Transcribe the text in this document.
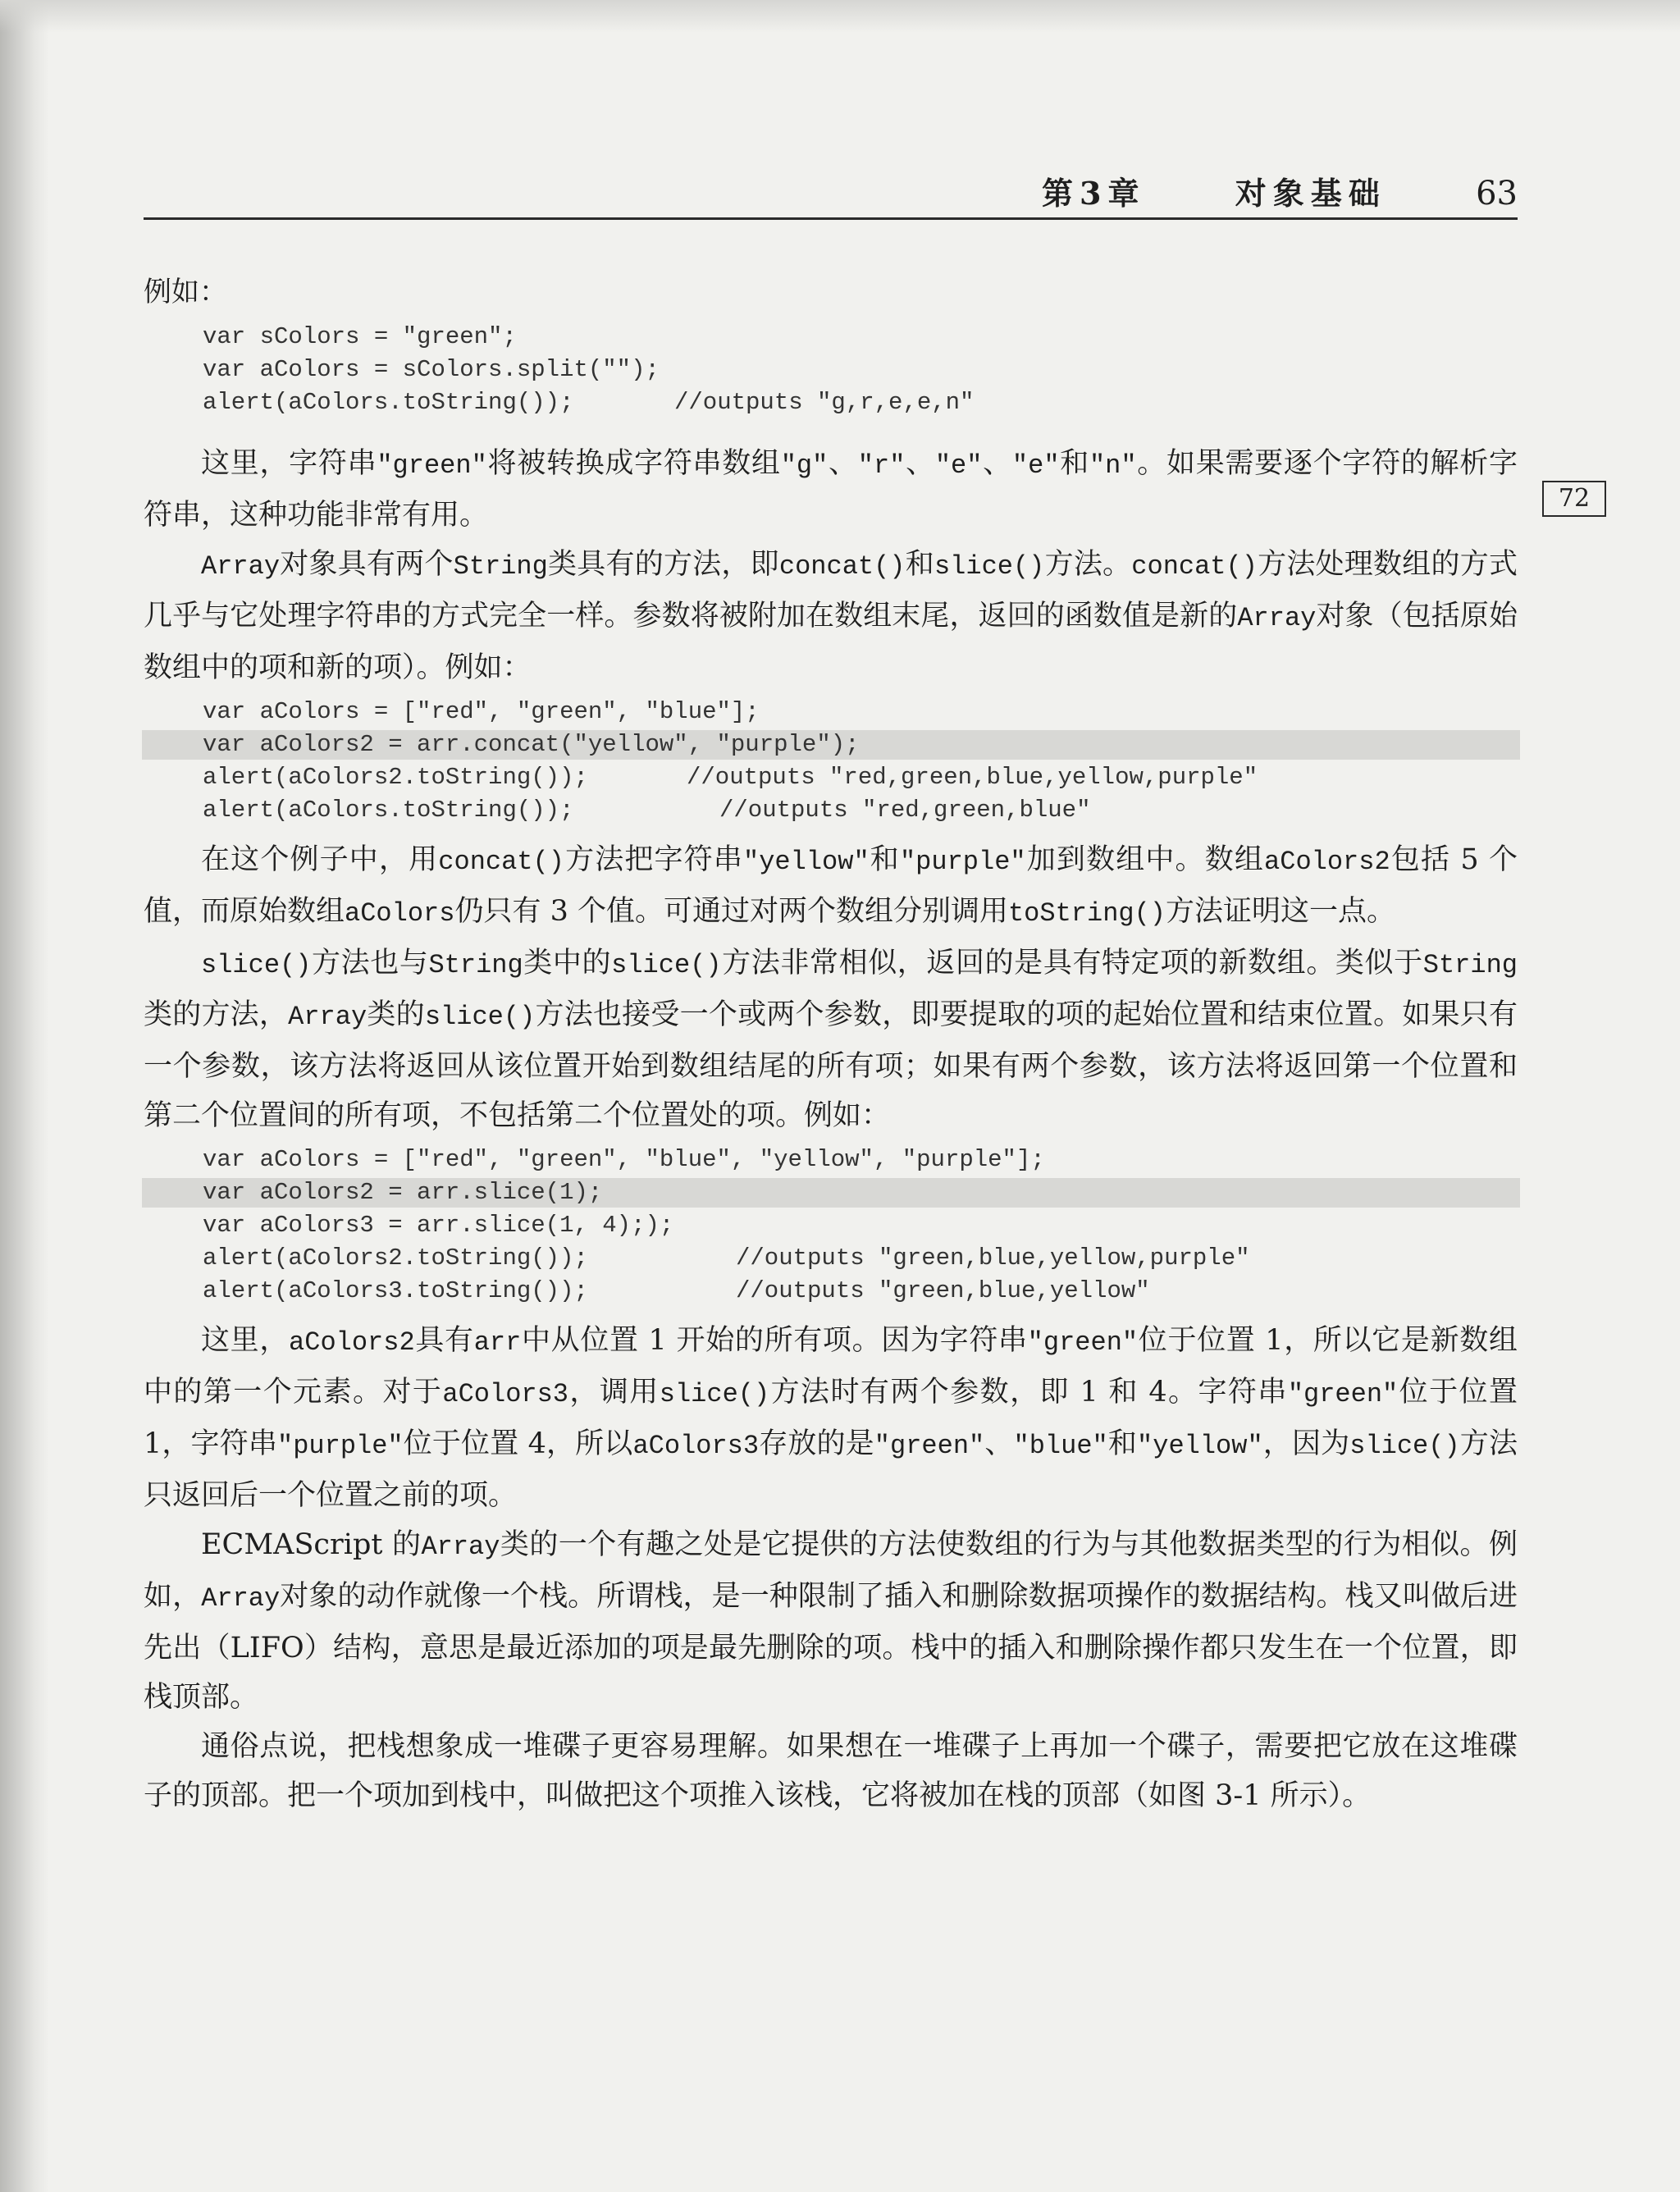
第3章	对象基础	63
72

例如：

var sColors = "green";
var aColors = sColors.split("");
alert(aColors.toString());	//outputs "g,r,e,e,n"

这里，字符串"green"将被转换成字符串数组"g"、"r"、"e"、"e"和"n"。如果需要逐个字符的解析字符串，这种功能非常有用。

Array对象具有两个String类具有的方法，即concat()和slice()方法。concat()方法处理数组的方式几乎与它处理字符串的方式完全一样。参数将被附加在数组末尾，返回的函数值是新的Array对象（包括原始数组中的项和新的项）。例如：

var aColors = ["red", "green", "blue"];
var aColors2 = arr.concat("yellow", "purple");
alert(aColors2.toString());	//outputs "red,green,blue,yellow,purple"
alert(aColors.toString());	//outputs "red,green,blue"

在这个例子中，用concat()方法把字符串"yellow"和"purple"加到数组中。数组aColors2包括 5 个值，而原始数组aColors仍只有 3 个值。可通过对两个数组分别调用toString()方法证明这一点。

slice()方法也与String类中的slice()方法非常相似，返回的是具有特定项的新数组。类似于String类的方法，Array类的slice()方法也接受一个或两个参数，即要提取的项的起始位置和结束位置。如果只有一个参数，该方法将返回从该位置开始到数组结尾的所有项；如果有两个参数，该方法将返回第一个位置和第二个位置间的所有项，不包括第二个位置处的项。例如：

var aColors = ["red", "green", "blue", "yellow", "purple"];
var aColors2 = arr.slice(1);
var aColors3 = arr.slice(1, 4););
alert(aColors2.toString());	//outputs "green,blue,yellow,purple"
alert(aColors3.toString());	//outputs "green,blue,yellow"

这里，aColors2具有arr中从位置 1 开始的所有项。因为字符串"green"位于位置 1，所以它是新数组中的第一个元素。对于aColors3，调用slice()方法时有两个参数，即 1 和 4。字符串"green"位于位置 1，字符串"purple"位于位置 4，所以aColors3存放的是"green"、"blue"和"yellow"，因为slice()方法只返回后一个位置之前的项。

ECMAScript 的Array类的一个有趣之处是它提供的方法使数组的行为与其他数据类型的行为相似。例如，Array对象的动作就像一个栈。所谓栈，是一种限制了插入和删除数据项操作的数据结构。栈又叫做后进先出（LIFO）结构，意思是最近添加的项是最先删除的项。栈中的插入和删除操作都只发生在一个位置，即栈顶部。

通俗点说，把栈想象成一堆碟子更容易理解。如果想在一堆碟子上再加一个碟子，需要把它放在这堆碟子的顶部。把一个项加到栈中，叫做把这个项推入该栈，它将被加在栈的顶部（如图 3-1 所示）。
